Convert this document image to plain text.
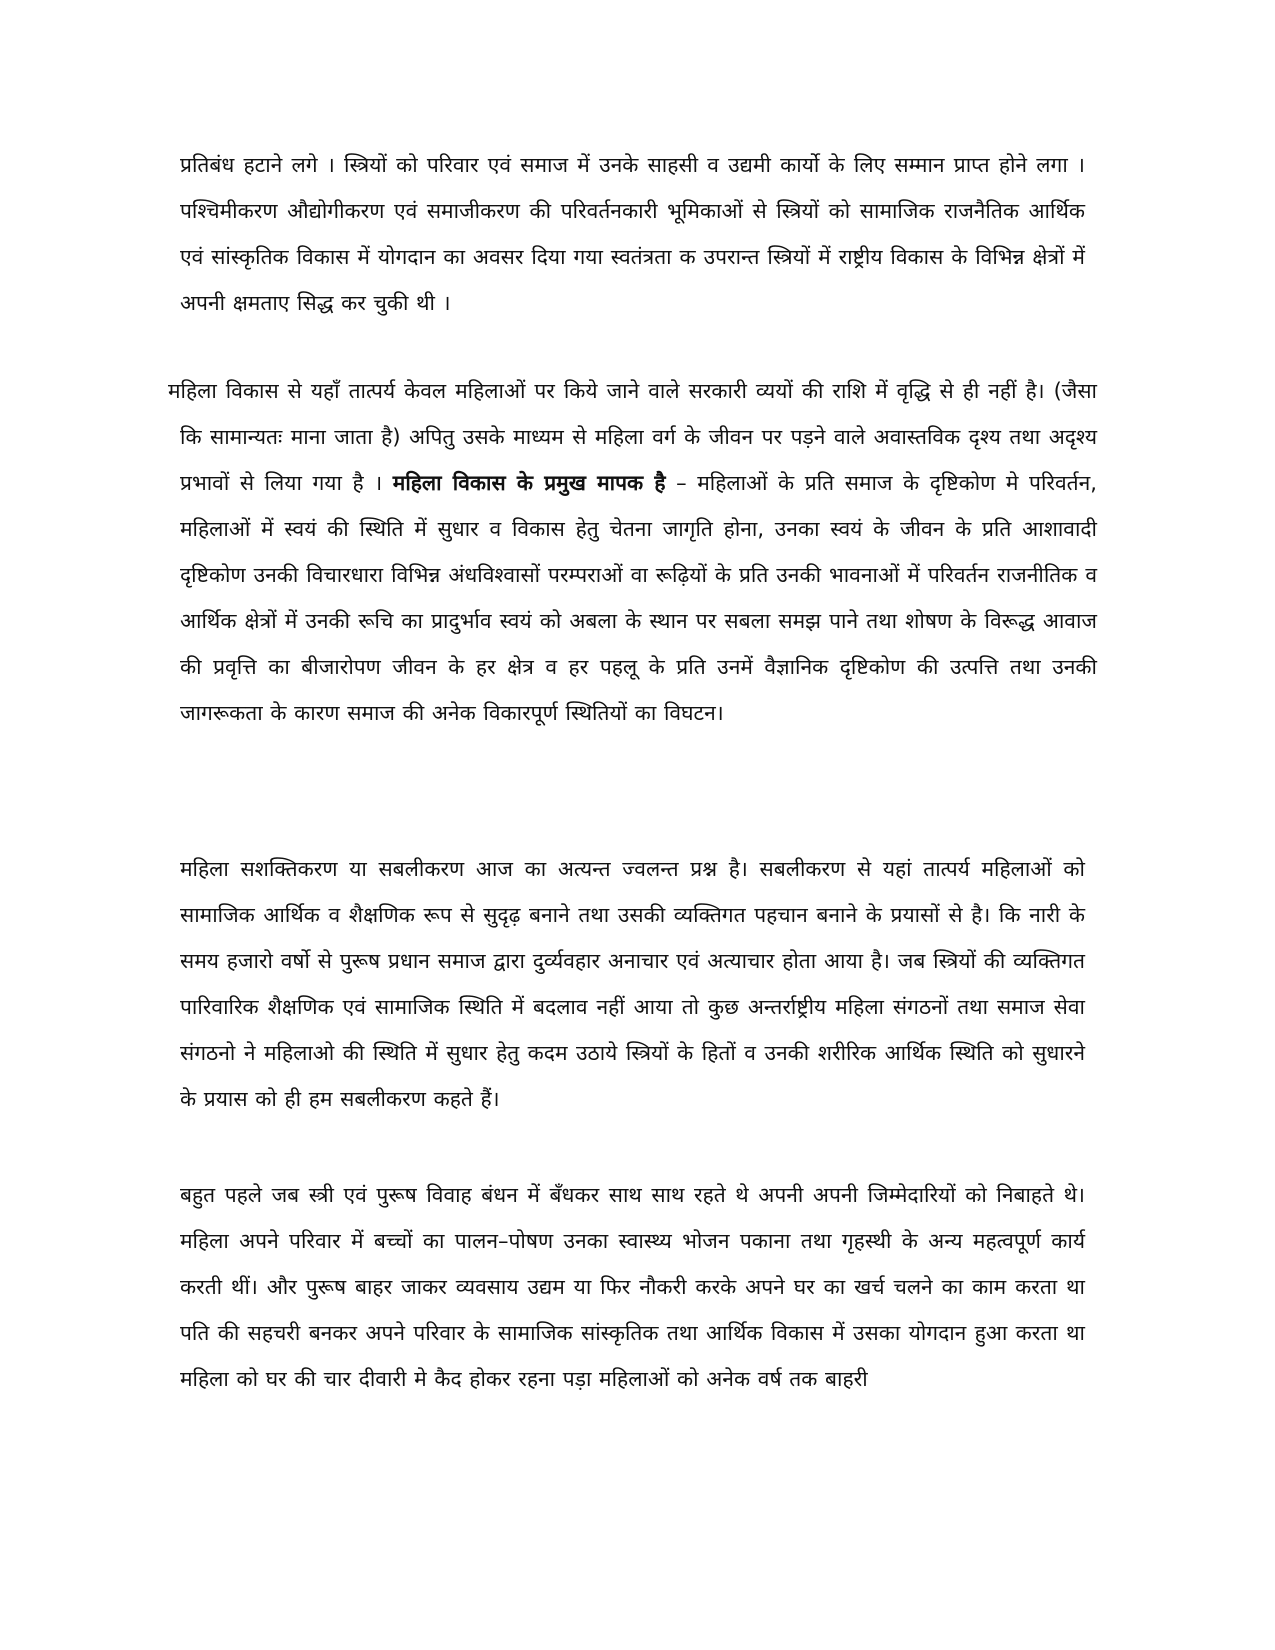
प्रतिबंध हटाने लगे । स्त्रियों को परिवार एवं समाज में उनके साहसी व उद्यमी कार्यो के लिए सम्मान प्राप्त होने लगा । पश्चिमीकरण औद्योगीकरण एवं समाजीकरण की परिवर्तनकारी भूमिकाओं से स्त्रियों को सामाजिक राजनैतिक आर्थिक एवं सांस्कृतिक विकास में योगदान का अवसर दिया गया स्वतंत्रता क उपरान्त स्त्रियों में राष्ट्रीय विकास के विभिन्न क्षेत्रों में अपनी क्षमताए सिद्ध कर चुकी थी ।

महिला विकास से यहाँ तात्पर्य केवल महिलाओं पर किये जाने वाले सरकारी व्ययों की राशि में वृद्धि से ही नहीं है। (जैसा कि सामान्यतः माना जाता है) अपितु उसके माध्यम से महिला वर्ग के जीवन पर पड़ने वाले अवास्तविक दृश्य तथा अदृश्य प्रभावों से लिया गया है । महिला विकास के प्रमुख मापक है – महिलाओं के प्रति समाज के दृष्टिकोण मे परिवर्तन, महिलाओं में स्वयं की स्थिति में सुधार व विकास हेतु चेतना जागृति होना, उनका स्वयं के जीवन के प्रति आशावादी दृष्टिकोण उनकी विचारधारा विभिन्न अंधविश्वासों परम्पराओं वा रूढ़ियों के प्रति उनकी भावनाओं में परिवर्तन राजनीतिक व आर्थिक क्षेत्रों में उनकी रूचि का प्रादुर्भाव स्वयं को अबला के स्थान पर सबला समझ पाने तथा शोषण के विरूद्ध आवाज की प्रवृत्ति का बीजारोपण जीवन के हर क्षेत्र व हर पहलू के प्रति उनमें वैज्ञानिक दृष्टिकोण की उत्पत्ति तथा उनकी जागरूकता के कारण समाज की अनेक विकारपूर्ण स्थितियों का विघटन।

महिला सशक्तिकरण या सबलीकरण आज का अत्यन्त ज्वलन्त प्रश्न है। सबलीकरण से यहां तात्पर्य महिलाओं को सामाजिक आर्थिक व शैक्षणिक रूप से सुदृढ़ बनाने तथा उसकी व्यक्तिगत पहचान बनाने के प्रयासों से है। कि नारी के समय हजारो वर्षो से पुरूष प्रधान समाज द्वारा दुर्व्यवहार अनाचार एवं अत्याचार होता आया है। जब स्त्रियों की व्यक्तिगत पारिवारिक शैक्षणिक एवं सामाजिक स्थिति में बदलाव नहीं आया तो कुछ अन्तर्राष्ट्रीय महिला संगठनों तथा समाज सेवा संगठनो ने महिलाओ की स्थिति में सुधार हेतु कदम उठाये स्त्रियों के हितों व उनकी शरीरिक आर्थिक स्थिति को सुधारने के प्रयास को ही हम सबलीकरण कहते हैं।

बहुत पहले जब स्त्री एवं पुरूष विवाह बंधन में बँधकर साथ साथ रहते थे अपनी अपनी जिम्मेदारियों को निबाहते थे। महिला अपने परिवार में बच्चों का पालन–पोषण उनका स्वास्थ्य भोजन पकाना तथा गृहस्थी के अन्य महत्वपूर्ण कार्य करती थीं। और पुरूष बाहर जाकर व्यवसाय उद्यम या फिर नौकरी करके अपने घर का खर्च चलने का काम करता था पति की सहचरी बनकर अपने परिवार के सामाजिक सांस्कृतिक तथा आर्थिक विकास में उसका योगदान हुआ करता था महिला को घर की चार दीवारी मे कैद होकर रहना पड़ा महिलाओं को अनेक वर्ष तक बाहरी
